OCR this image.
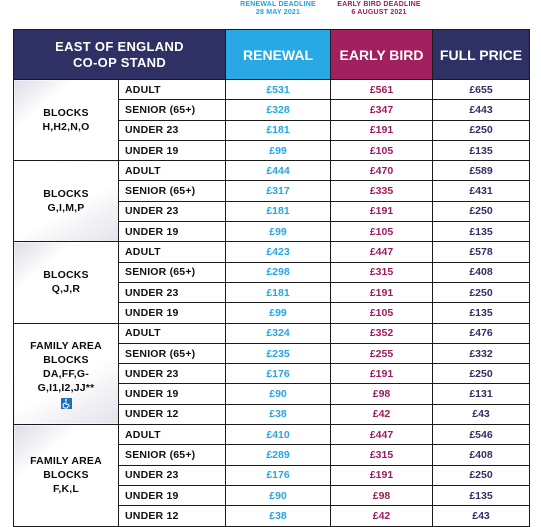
RENEWAL DEADLINE
28 MAY 2021
EARLY BIRD DEADLINE
6 AUGUST 2021
EAST OF ENGLAND
CO-OP STAND		RENEWAL	EARLY BIRD	FULL PRICE

BLOCKS
H,H2,N,O	ADULT	£531	£561	£655
	SENIOR (65+)	£328	£347	£443
	UNDER 23	£181	£191	£250
	UNDER 19	£99	£105	£135

BLOCKS
G,I,M,P	ADULT	£444	£470	£589
	SENIOR (65+)	£317	£335	£431
	UNDER 23	£181	£191	£250
	UNDER 19	£99	£105	£135

BLOCKS
Q,J,R	ADULT	£423	£447	£578
	SENIOR (65+)	£298	£315	£408
	UNDER 23	£181	£191	£250
	UNDER 19	£99	£105	£135

FAMILY AREA
BLOCKS
DA,FF,G-
G,I1,I2,JJ**	ADULT	£324	£352	£476
	SENIOR (65+)	£235	£255	£332
	UNDER 23	£176	£191	£250
	UNDER 19	£90	£98	£131
	UNDER 12	£38	£42	£43

FAMILY AREA
BLOCKS
F,K,L	ADULT	£410	£447	£546
	SENIOR (65+)	£289	£315	£408
	UNDER 23	£176	£191	£250
	UNDER 19	£90	£98	£135
	UNDER 12	£38	£42	£43
